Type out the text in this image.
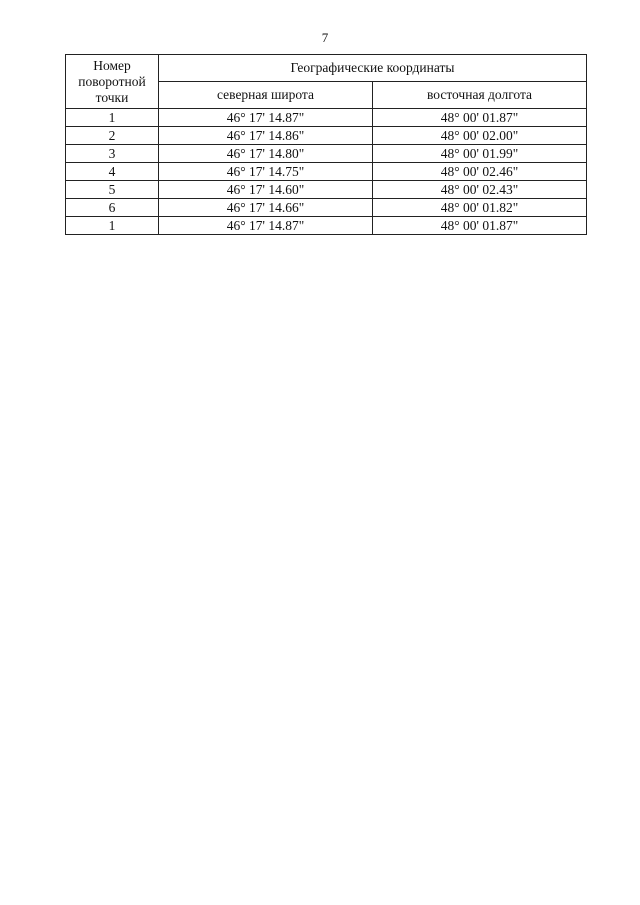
7
Номер поворотной точки	Географические координаты	
	северная широта	восточная долгота
1	46° 17' 14.87"	48° 00' 01.87"
2	46° 17' 14.86"	48° 00' 02.00"
3	46° 17' 14.80"	48° 00' 01.99"
4	46° 17' 14.75"	48° 00' 02.46"
5	46° 17' 14.60"	48° 00' 02.43"
6	46° 17' 14.66"	48° 00' 01.82"
1	46° 17' 14.87"	48° 00' 01.87"
